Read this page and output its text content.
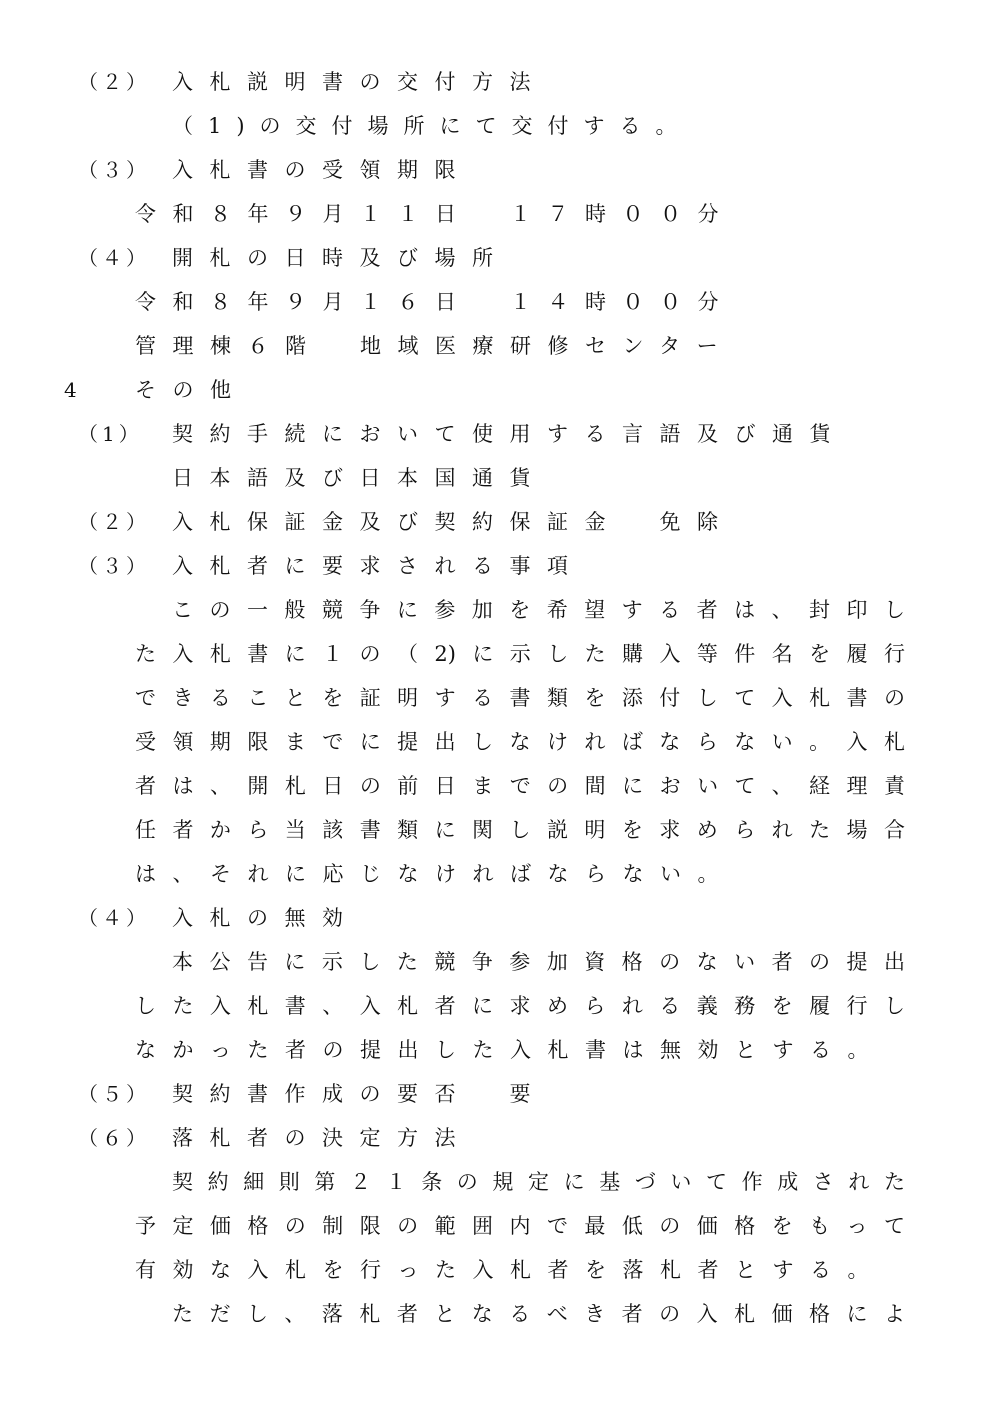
（２） 入札説明書の交付方法
（1)の交付場所にて交付する。
（３） 入札書の受領期限
令和８年９月１１日　１７時００分
（４） 開札の日時及び場所
令和８年９月１６日　１４時００分
管理棟６階　地域医療研修センター
4	その他
（1） 契約手続において使用する言語及び通貨
日本語及び日本国通貨
（２） 入札保証金及び契約保証金　免除
（３） 入札者に要求される事項
この一般競争に参加を希望する者は、封印し
た入札書に１の（2)に示した購入等件名を履行
できることを証明する書類を添付して入札書の
受領期限までに提出しなければならない。入札
者は、開札日の前日までの間において、経理責
任者から当該書類に関し説明を求められた場合
は、それに応じなければならない。
（４） 入札の無効
本公告に示した競争参加資格のない者の提出
した入札書、入札者に求められる義務を履行し
なかった者の提出した入札書は無効とする。
（５） 契約書作成の要否　要
（６） 落札者の決定方法
契約細則第２１条の規定に基づいて作成された
予定価格の制限の範囲内で最低の価格をもって
有効な入札を行った入札者を落札者とする。
ただし、落札者となるべき者の入札価格によ
